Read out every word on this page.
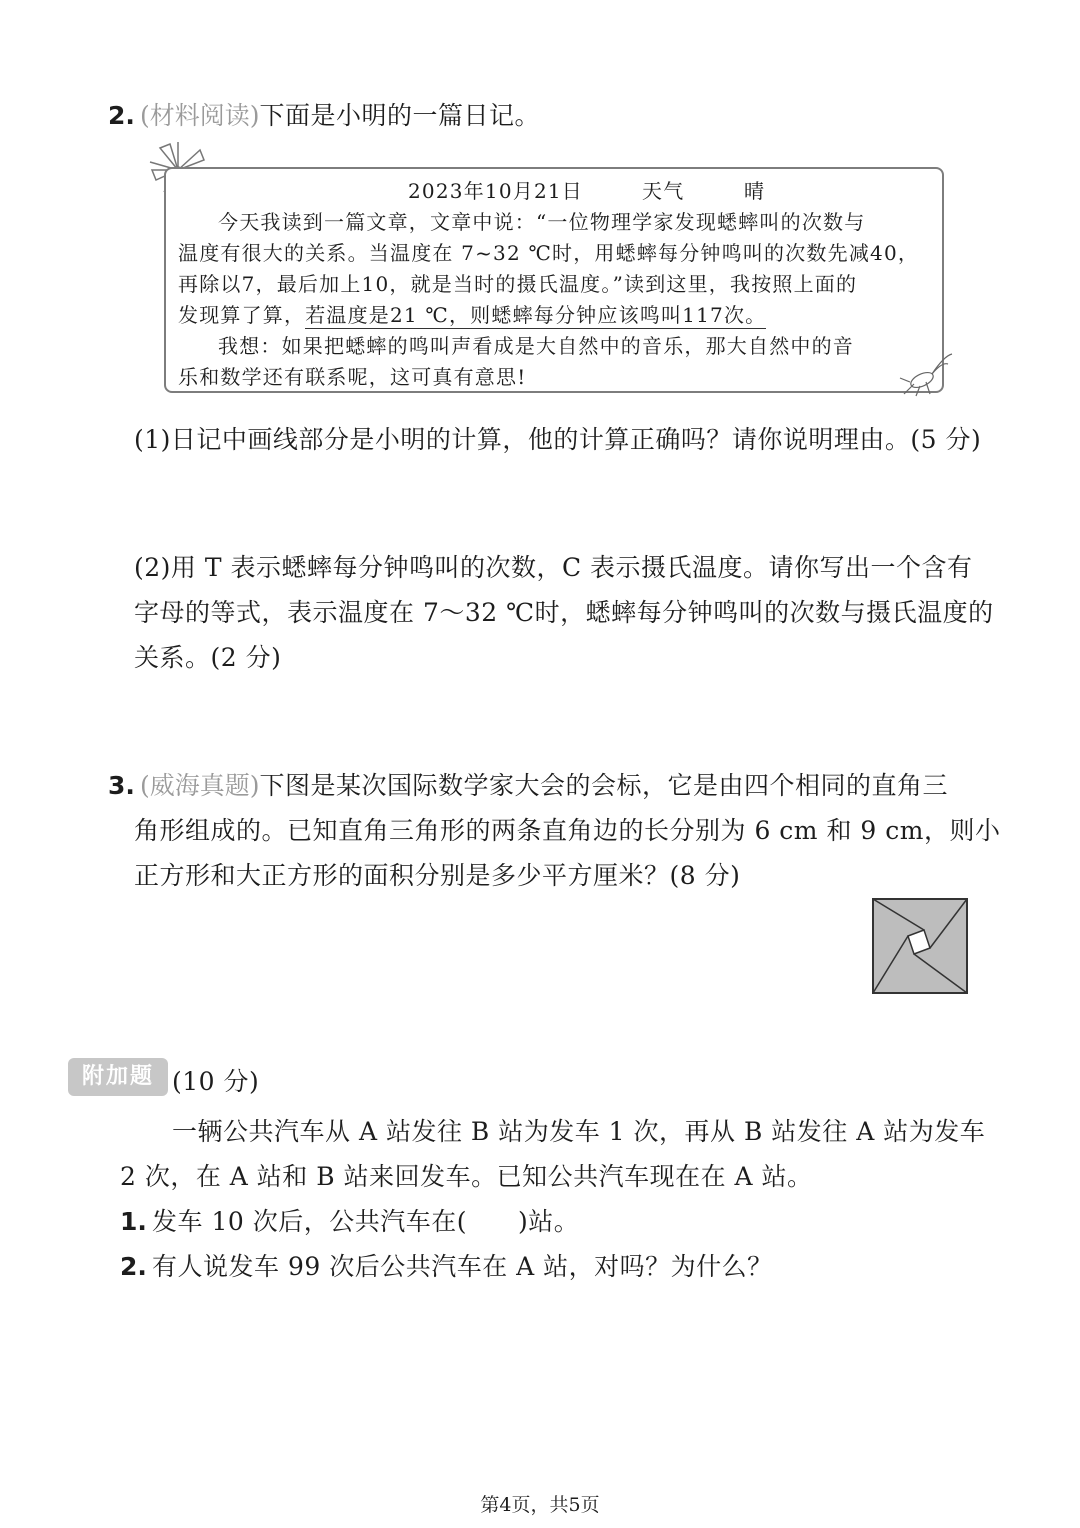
2. (材料阅读)下面是小明的一篇日记。
2023年10月21日	天气	晴
今天我读到一篇文章，文章中说：“一位物理学家发现蟋蟀叫的次数与
温度有很大的关系。当温度在 7~32 ℃时，用蟋蟀每分钟鸣叫的次数先减40，
再除以7，最后加上10，就是当时的摄氏温度。”读到这里，我按照上面的
发现算了算，若温度是21 ℃，则蟋蟀每分钟应该鸣叫117次。
我想：如果把蟋蟀的鸣叫声看成是大自然中的音乐，那大自然中的音
乐和数学还有联系呢，这可真有意思!
(1)日记中画线部分是小明的计算，他的计算正确吗？请你说明理由。(5 分)
(2)用 T 表示蟋蟀每分钟鸣叫的次数，C 表示摄氏温度。请你写出一个含有
字母的等式，表示温度在 7～32 ℃时，蟋蟀每分钟鸣叫的次数与摄氏温度的
关系。(2 分)
3. (威海真题)下图是某次国际数学家大会的会标，它是由四个相同的直角三
角形组成的。已知直角三角形的两条直角边的长分别为 6 cm 和 9 cm，则小
正方形和大正方形的面积分别是多少平方厘米？(8 分)
附加题 (10 分)
一辆公共汽车从 A 站发往 B 站为发车 1 次，再从 B 站发往 A 站为发车
2 次，在 A 站和 B 站来回发车。已知公共汽车现在在 A 站。
1. 发车 10 次后，公共汽车在(　　)站。
2. 有人说发车 99 次后公共汽车在 A 站，对吗？为什么？
第4页，共5页
